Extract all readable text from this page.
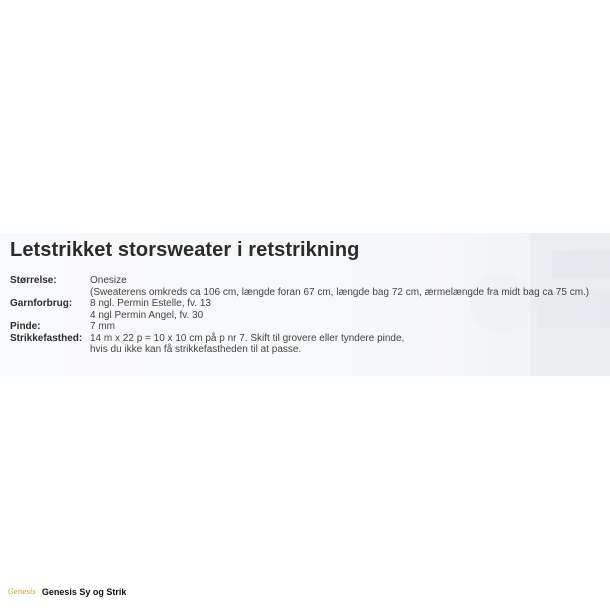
Letstrikket storsweater i retstrikning
Størrelse:	Onesize
(Sweaterens omkreds ca 106 cm, længde foran 67 cm, længde bag 72 cm, ærmelængde fra midt bag ca 75 cm.)
Garnforbrug: 8 ngl. Permin Estelle, fv. 13
4 ngl Permin Angel, fv. 30
Pinde:	7 mm
Strikkefasthed: 14 m x 22 p = 10 x 10 cm på p nr 7. Skift til grovere eller tyndere pinde,
hvis du ikke kan få strikkefastheden til at passe.
Genesis Genesis Sy og Strik
